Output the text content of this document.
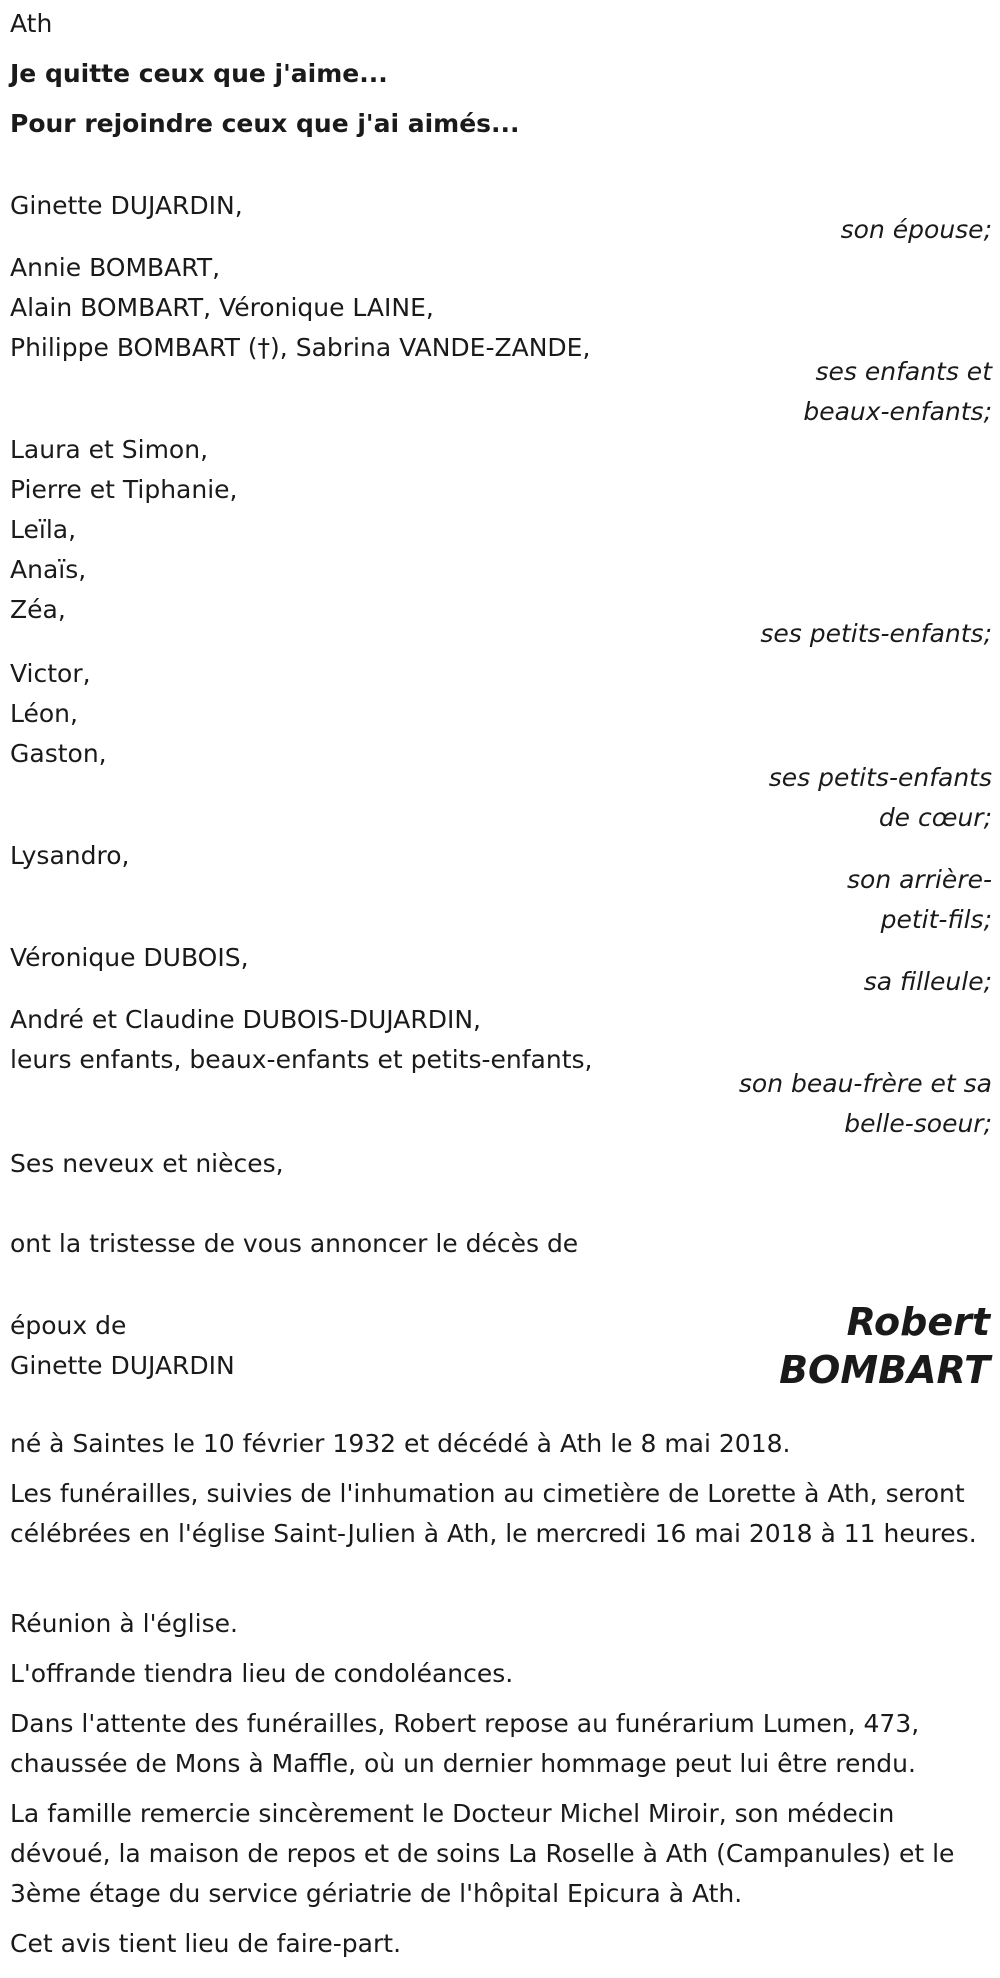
Ath
Je quitte ceux que j'aime...
Pour rejoindre ceux que j'ai aimés...
Ginette DUJARDIN,
son épouse;
Annie BOMBART,
Alain BOMBART, Véronique LAINE,
Philippe BOMBART (†), Sabrina VANDE-ZANDE,
ses enfants et
beaux-enfants;
Laura et Simon,
Pierre et Tiphanie,
Leïla,
Anaïs,
Zéa,
ses petits-enfants;
Victor,
Léon,
Gaston,
ses petits-enfants
de cœur;
Lysandro,
son arrière-
petit-fils;
Véronique DUBOIS,
sa filleule;
André et Claudine DUBOIS-DUJARDIN,
leurs enfants, beaux-enfants et petits-enfants,
son beau-frère et sa
belle-soeur;
Ses neveux et nièces,
ont la tristesse de vous annoncer le décès de
époux de
Ginette DUJARDIN
Robert
BOMBART
né à Saintes le 10 février 1932 et décédé à Ath le 8 mai 2018.
Les funérailles, suivies de l'inhumation au cimetière de Lorette à Ath, seront célébrées en l'église Saint-Julien à Ath, le mercredi 16 mai 2018 à 11 heures.
Réunion à l'église.
L'offrande tiendra lieu de condoléances.
Dans l'attente des funérailles, Robert repose au funérarium Lumen, 473, chaussée de Mons à Maffle, où un dernier hommage peut lui être rendu.
La famille remercie sincèrement le Docteur Michel Miroir, son médecin dévoué, la maison de repos et de soins La Roselle à Ath (Campanules) et le 3ème étage du service gériatrie de l'hôpital Epicura à Ath.
Cet avis tient lieu de faire-part.
